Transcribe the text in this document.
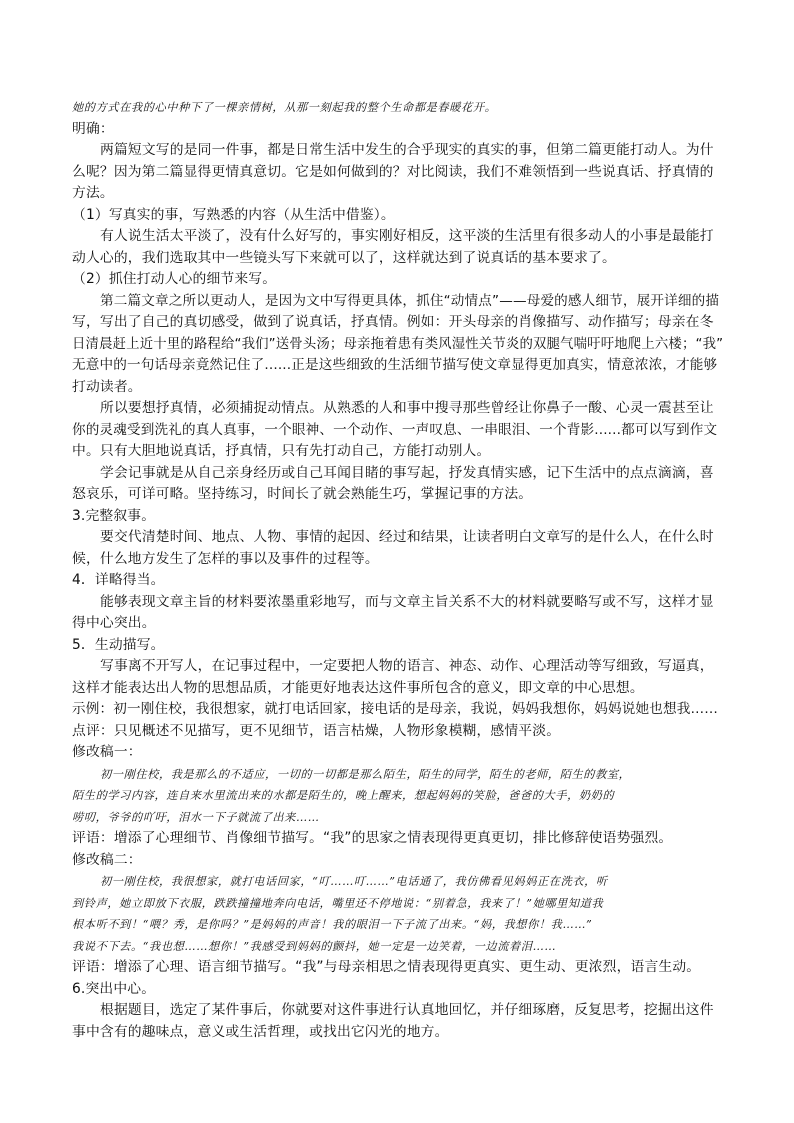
她的方式在我的心中种下了一棵亲情树，从那一刻起我的整个生命都是春暖花开。
明确：
两篇短文写的是同一件事，都是日常生活中发生的合乎现实的真实的事，但第二篇更能打动人。为什
么呢？因为第二篇显得更情真意切。它是如何做到的？对比阅读，我们不难领悟到一些说真话、抒真情的
方法。
（1）写真实的事，写熟悉的内容（从生活中借鉴）。
有人说生活太平淡了，没有什么好写的，事实刚好相反，这平淡的生活里有很多动人的小事是最能打
动人心的，我们选取其中一些镜头写下来就可以了，这样就达到了说真话的基本要求了。
（2）抓住打动人心的细节来写。
第二篇文章之所以更动人，是因为文中写得更具体，抓住“动情点”——母爱的感人细节，展开详细的描
写，写出了自己的真切感受，做到了说真话，抒真情。例如：开头母亲的肖像描写、动作描写；母亲在冬
日清晨赶上近十里的路程给“我们”送骨头汤；母亲拖着患有类风湿性关节炎的双腿气喘吁吁地爬上六楼；“我”
无意中的一句话母亲竟然记住了......正是这些细致的生活细节描写使文章显得更加真实，情意浓浓，才能够
打动读者。
所以要想抒真情，必须捕捉动情点。从熟悉的人和事中搜寻那些曾经让你鼻子一酸、心灵一震甚至让
你的灵魂受到洗礼的真人真事，一个眼神、一个动作、一声叹息、一串眼泪、一个背影......都可以写到作文
中。只有大胆地说真话，抒真情，只有先打动自己，方能打动别人。
学会记事就是从自己亲身经历或自己耳闻目睹的事写起，抒发真情实感，记下生活中的点点滴滴，喜
怒哀乐，可详可略。坚持练习，时间长了就会熟能生巧，掌握记事的方法。
3.完整叙事。
要交代清楚时间、地点、人物、事情的起因、经过和结果，让读者明白文章写的是什么人，在什么时
候，什么地方发生了怎样的事以及事件的过程等。
4．详略得当。
能够表现文章主旨的材料要浓墨重彩地写，而与文章主旨关系不大的材料就要略写或不写，这样才显
得中心突出。
5．生动描写。
写事离不开写人，在记事过程中，一定要把人物的语言、神态、动作、心理活动等写细致，写逼真，
这样才能表达出人物的思想品质，才能更好地表达这件事所包含的意义，即文章的中心思想。
示例：初一刚住校，我很想家，就打电话回家，接电话的是母亲，我说，妈妈我想你，妈妈说她也想我……
点评：只见概述不见描写，更不见细节，语言枯燥，人物形象模糊，感情平淡。
修改稿一：
初一刚住校，我是那么的不适应，一切的一切都是那么陌生，陌生的同学，陌生的老师，陌生的教室，
陌生的学习内容，连自来水里流出来的水都是陌生的，晚上醒来，想起妈妈的笑脸，爸爸的大手，奶奶的
唠叨，爷爷的吖吁，泪水一下子就流了出来……
评语：增添了心理细节、肖像细节描写。“我”的思家之情表现得更真更切，排比修辞使语势强烈。
修改稿二：
初一刚住校，我很想家，就打电话回家，“叮……叮……”电话通了，我仿佛看见妈妈正在洗衣，听
到铃声，她立即放下衣服，跌跌撞撞地奔向电话，嘴里还不停地说：“别着急，我来了！”她哪里知道我
根本听不到！“喂？秀，是你吗？”是妈妈的声音！我的眼泪一下子流了出来。“妈，我想你！我……”
我说不下去。“我也想……想你！”我感受到妈妈的颤抖，她一定是一边笑着，一边流着泪……
评语：增添了心理、语言细节描写。“我”与母亲相思之情表现得更真实、更生动、更浓烈，语言生动。
6.突出中心。
根据题目，选定了某件事后，你就要对这件事进行认真地回忆，并仔细琢磨，反复思考，挖掘出这件
事中含有的趣味点，意义或生活哲理，或找出它闪光的地方。
